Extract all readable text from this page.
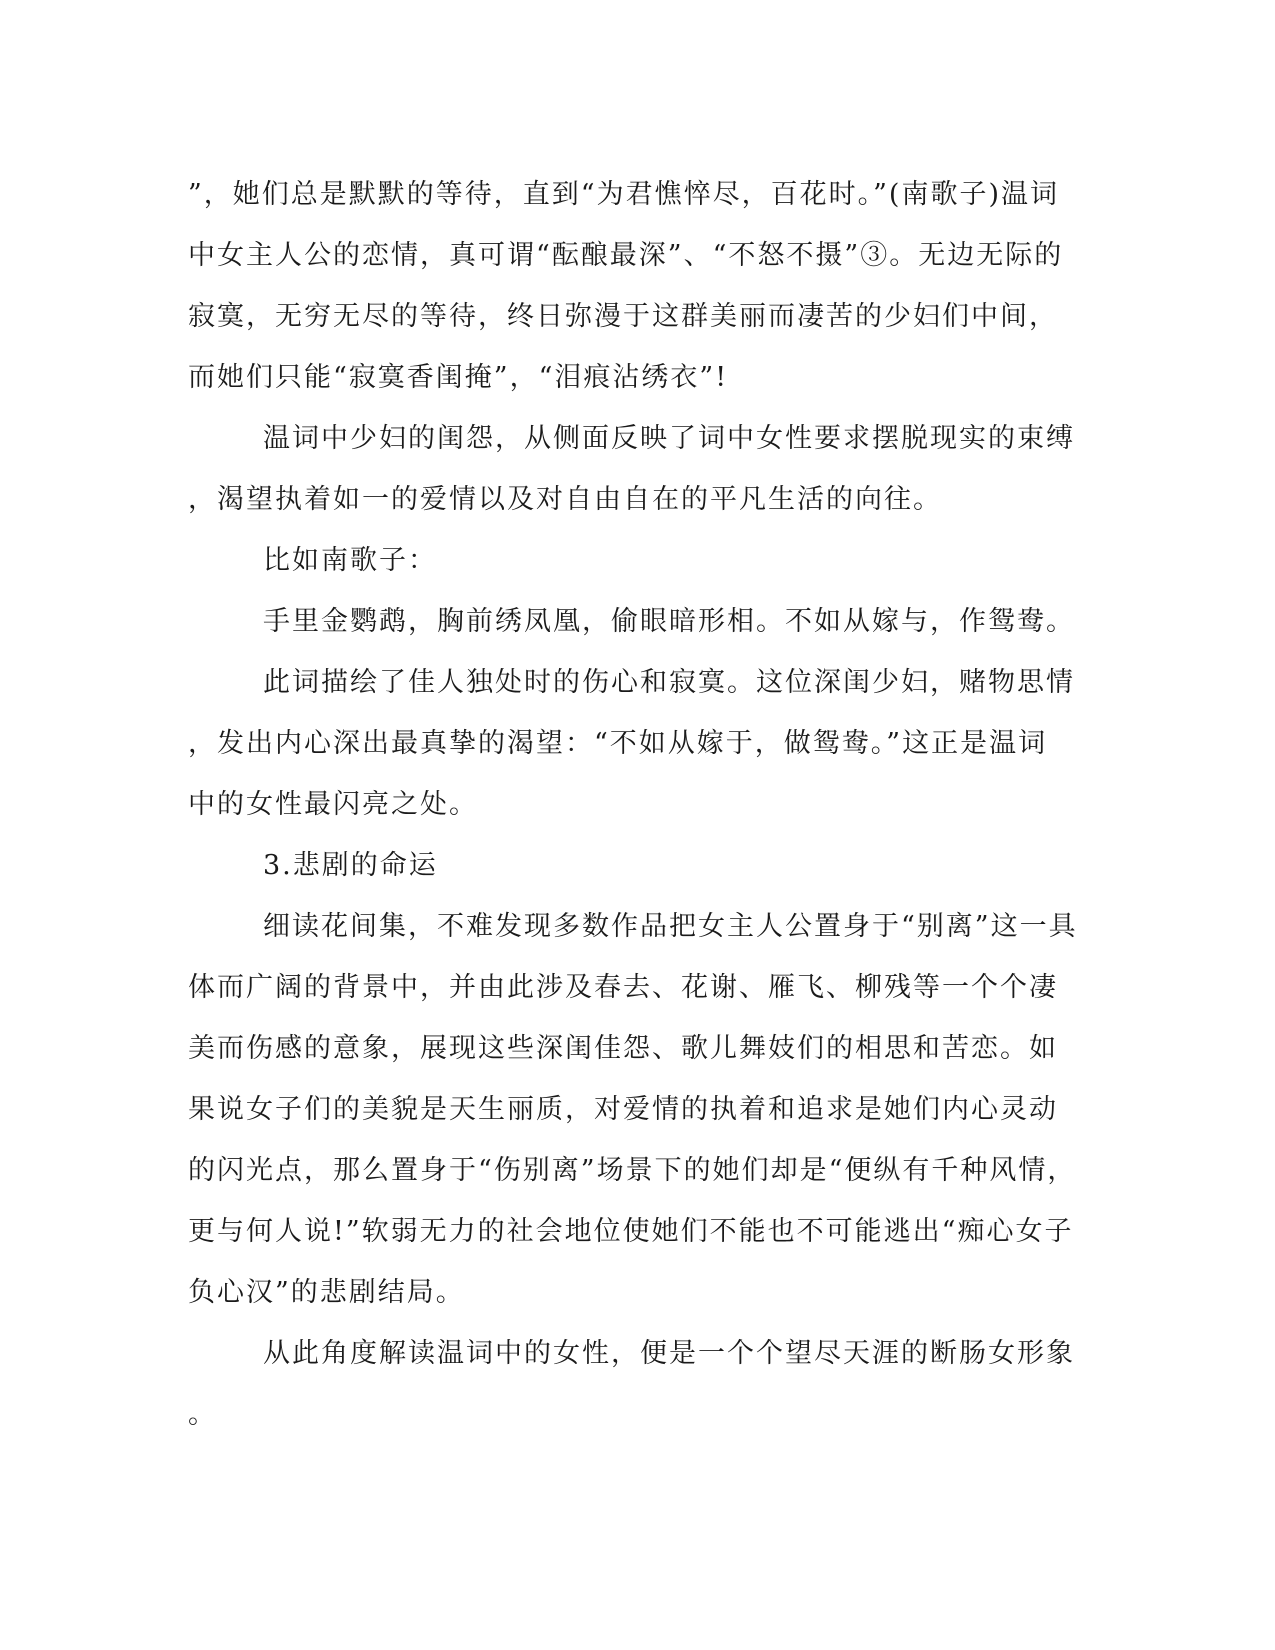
”，她们总是默默的等待，直到“为君憔悴尽，百花时。”(南歌子)温词
中女主人公的恋情，真可谓“酝酿最深”、“不怒不摄”③。无边无际的
寂寞，无穷无尽的等待，终日弥漫于这群美丽而凄苦的少妇们中间，
而她们只能“寂寞香闺掩”，“泪痕沾绣衣”!
温词中少妇的闺怨，从侧面反映了词中女性要求摆脱现实的束缚
，渴望执着如一的爱情以及对自由自在的平凡生活的向往。
比如南歌子：
手里金鹦鹉，胸前绣凤凰，偷眼暗形相。不如从嫁与，作鸳鸯。
此词描绘了佳人独处时的伤心和寂寞。这位深闺少妇，赌物思情
，发出内心深出最真挚的渴望：“不如从嫁于，做鸳鸯。”这正是温词
中的女性最闪亮之处。
3.悲剧的命运
细读花间集，不难发现多数作品把女主人公置身于“别离”这一具
体而广阔的背景中，并由此涉及春去、花谢、雁飞、柳残等一个个凄
美而伤感的意象，展现这些深闺佳怨、歌儿舞妓们的相思和苦恋。如
果说女子们的美貌是天生丽质，对爱情的执着和追求是她们内心灵动
的闪光点，那么置身于“伤别离”场景下的她们却是“便纵有千种风情，
更与何人说!”软弱无力的社会地位使她们不能也不可能逃出“痴心女子
负心汉”的悲剧结局。
从此角度解读温词中的女性，便是一个个望尽天涯的断肠女形象
。
